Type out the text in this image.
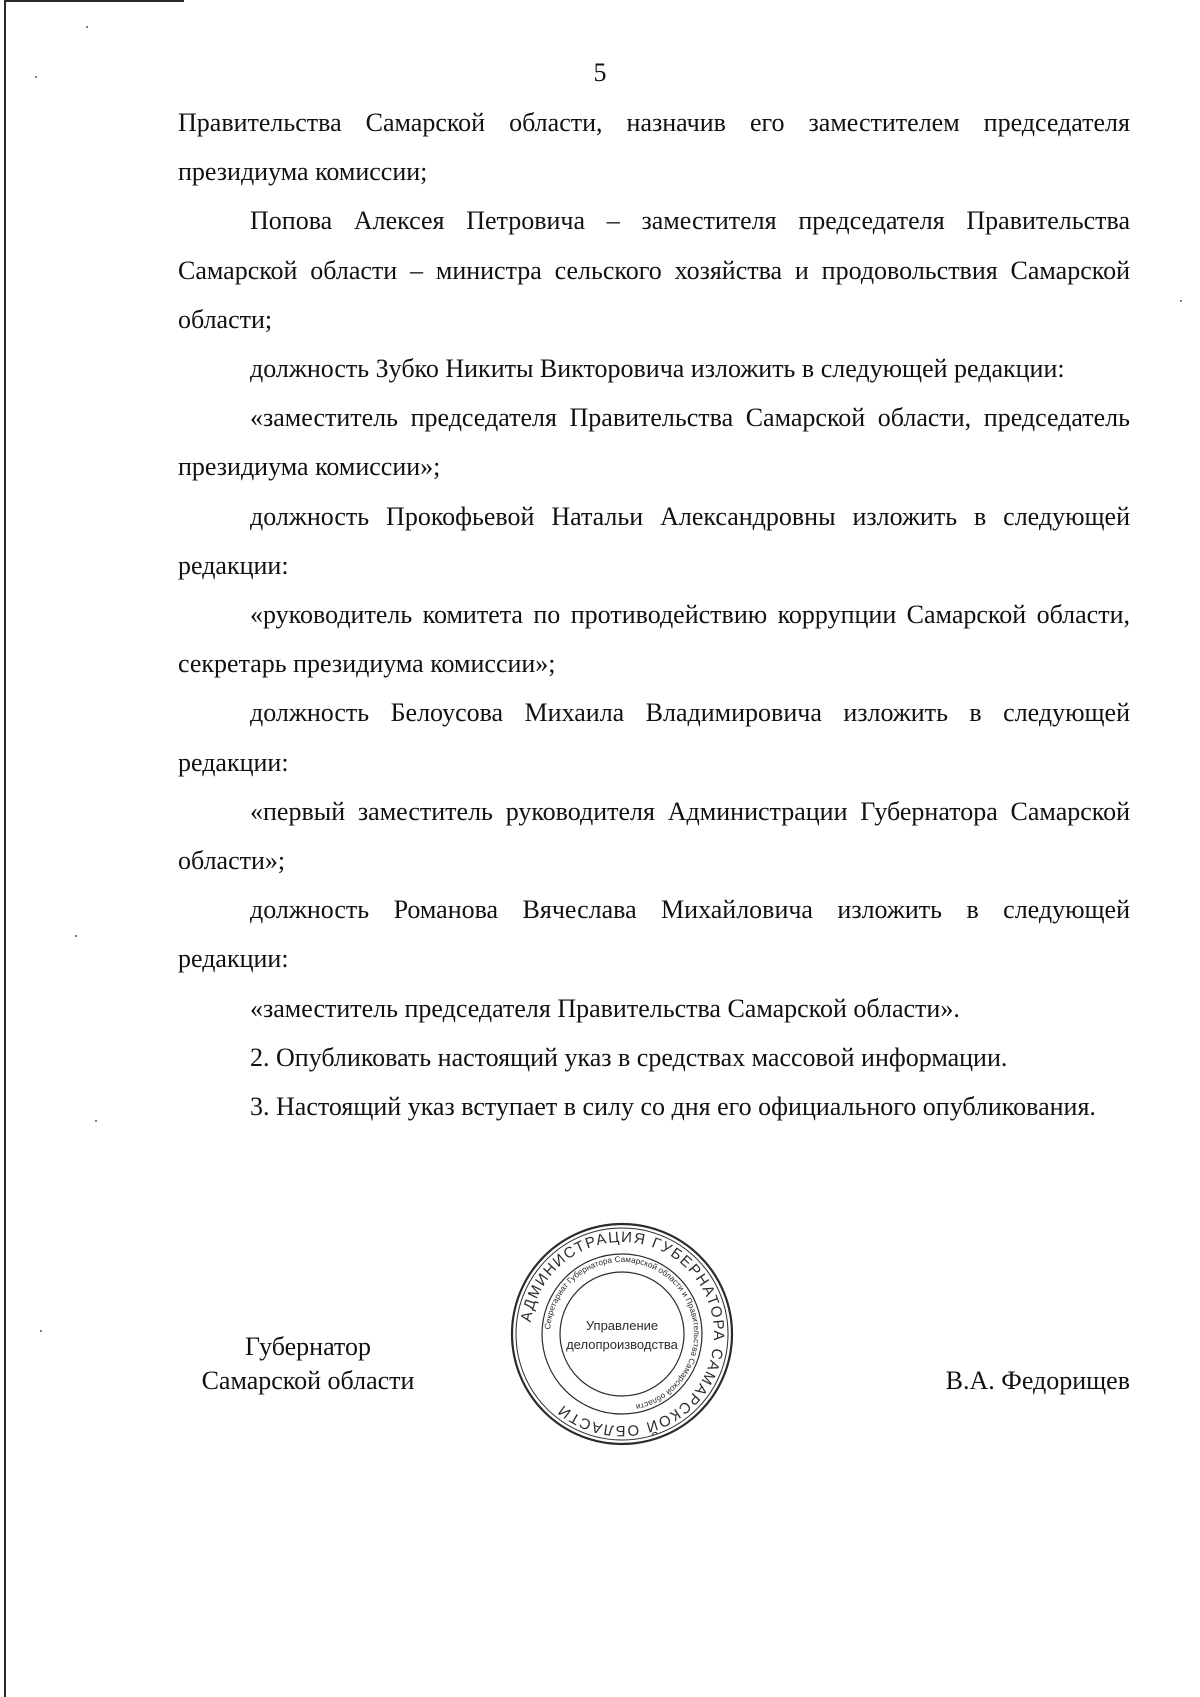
5

Правительства Самарской области, назначив его заместителем председателя президиума комиссии;

Попова Алексея Петровича – заместителя председателя Правительства Самарской области – министра сельского хозяйства и продовольствия Самарской области;

должность Зубко Никиты Викторовича изложить в следующей редакции:

«заместитель председателя Правительства Самарской области, председатель президиума комиссии»;

должность Прокофьевой Натальи Александровны изложить в следующей редакции:

«руководитель комитета по противодействию коррупции Самарской области, секретарь президиума комиссии»;

должность Белоусова Михаила Владимировича изложить в следующей редакции:

«первый заместитель руководителя Администрации Губернатора Самарской области»;

должность Романова Вячеслава Михайловича изложить в следующей редакции:

«заместитель председателя Правительства Самарской области».

2. Опубликовать настоящий указ в средствах массовой информации.

3. Настоящий указ вступает в силу со дня его официального опубликования.

Губернатор
Самарской области
АДМИНИСТРАЦИЯ ГУБЕРНАТОРА САМАРСКОЙ ОБЛАСТИ
Секретариат Губернатора Самарской области и Правительства Самарской области
Управление
делопроизводства
В.А. Федорищев
